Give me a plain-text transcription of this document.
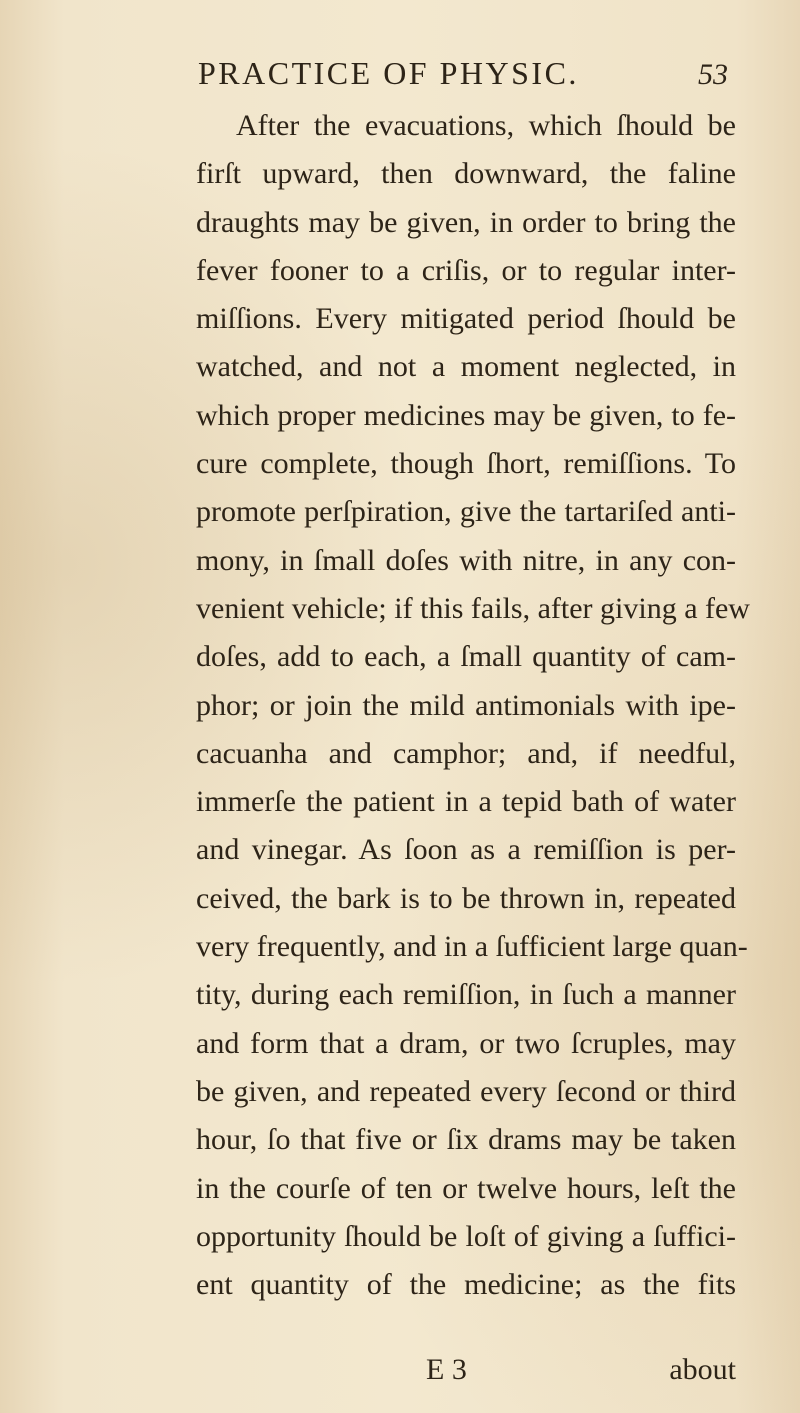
PRACTICE OF PHYSIC.	53

After the evacuations, which ſhould be
firſt upward, then downward, the faline
draughts may be given, in order to bring the
fever fooner to a criſis, or to regular inter-
miſſions. Every mitigated period ſhould be
watched, and not a moment neglected, in
which proper medicines may be given, to fe-
cure complete, though ſhort, remiſſions. To
promote perſpiration, give the tartariſed anti-
mony, in ſmall doſes with nitre, in any con-
venient vehicle; if this fails, after giving a few
doſes, add to each, a ſmall quantity of cam-
phor; or join the mild antimonials with ipe-
cacuanha and camphor; and, if needful,
immerſe the patient in a tepid bath of water
and vinegar. As ſoon as a remiſſion is per-
ceived, the bark is to be thrown in, repeated
very frequently, and in a ſufficient large quan-
tity, during each remiſſion, in ſuch a manner
and form that a dram, or two ſcruples, may
be given, and repeated every ſecond or third
hour, ſo that five or ſix drams may be taken
in the courſe of ten or twelve hours, leſt the
opportunity ſhould be loſt of giving a ſuffici-
ent quantity of the medicine; as the fits

E 3	about
